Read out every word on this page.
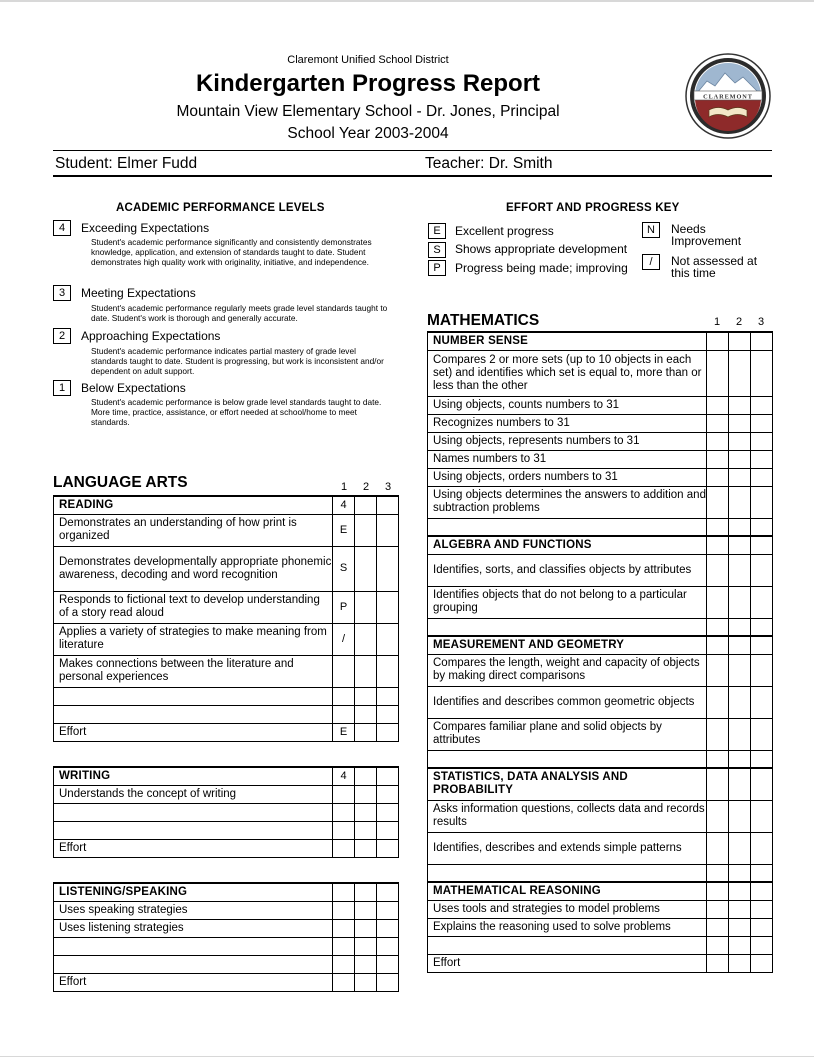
Claremont Unified School District
Kindergarten Progress Report
Mountain View Elementary School - Dr. Jones, Principal
School Year 2003-2004
CLAREMONT
Student: Elmer Fudd	Teacher: Dr. Smith
ACADEMIC PERFORMANCE LEVELS
4	Exceeding Expectations
Student's academic performance significantly and consistently demonstrates knowledge, application, and extension of standards taught to date. Student demonstrates high quality work with originality, initiative, and independence.
3	Meeting Expectations
Student's academic performance regularly meets grade level standards taught to date. Student's work is thorough and generally accurate.
2	Approaching Expectations
Student's academic performance indicates partial mastery of grade level standards taught to date. Student is progressing, but work is inconsistent and/or dependent on adult support.
1	Below Expectations
Student's academic performance is below grade level standards taught to date. More time, practice, assistance, or effort needed at school/home to meet standards.
EFFORT AND PROGRESS KEY
E	Excellent progress
S	Shows appropriate development
P	Progress being made; improving
N	Needs Improvement
/	Not assessed at this time
LANGUAGE ARTS	1	2	3
READING	4		
Demonstrates an understanding of how print is organized	E		
Demonstrates developmentally appropriate phonemic awareness, decoding and word recognition	S		
Responds to fictional text to develop understanding of a story read aloud	P		
Applies a variety of strategies to make meaning from literature	/		
Makes connections between the literature and personal experiences			

Effort	E		
WRITING	4		
Understands the concept of writing			

Effort			
LISTENING/SPEAKING			
Uses speaking strategies			
Uses listening strategies			

Effort			
MATHEMATICS	1	2	3
NUMBER SENSE			
Compares 2 or more sets (up to 10 objects in each set) and identifies which set is equal to, more than or less than the other			
Using objects, counts numbers to 31			
Recognizes numbers to 31			
Using objects, represents numbers to 31			
Names numbers to 31			
Using objects, orders numbers to 31			
Using objects determines the answers to addition and subtraction problems			

ALGEBRA AND FUNCTIONS			
Identifies, sorts, and classifies objects by attributes			
Identifies objects that do not belong to a particular grouping			

MEASUREMENT AND GEOMETRY			
Compares the length, weight and capacity of objects by making direct comparisons			
Identifies and describes common geometric objects			
Compares familiar plane and solid objects by attributes			

STATISTICS, DATA ANALYSIS AND PROBABILITY			
Asks information questions, collects data and records results			
Identifies, describes and extends simple patterns			

MATHEMATICAL REASONING			
Uses tools and strategies to model problems			
Explains the reasoning used to solve problems			

Effort			
